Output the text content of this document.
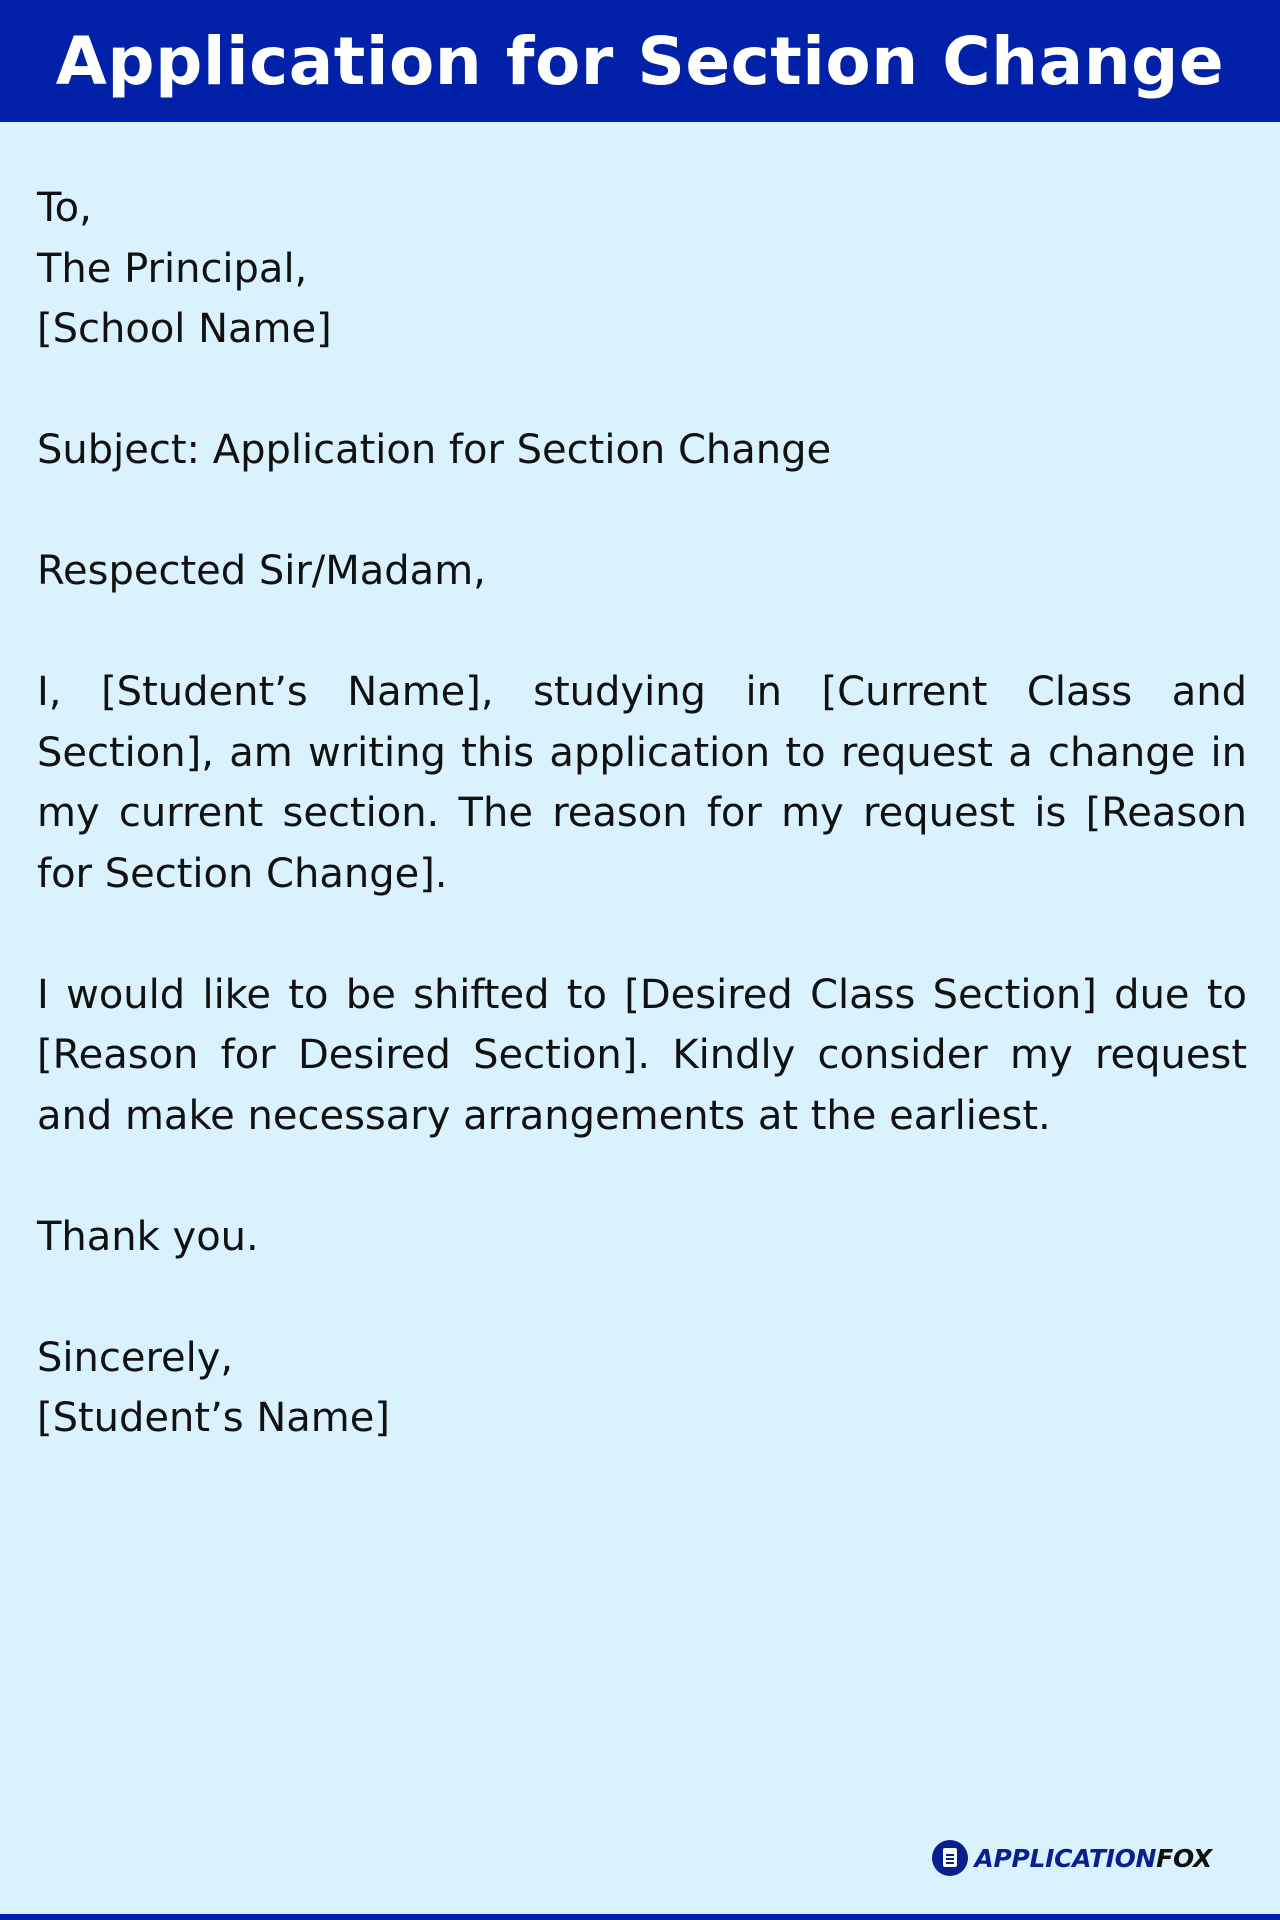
Application for Section Change
To,
The Principal,
[School Name]
Subject: Application for Section Change
Respected Sir/Madam,

I, [Student’s Name], studying in [Current Class and Section], am writing this application to request a change in my current section. The reason for my request is [Reason for Section Change].

I would like to be shifted to [Desired Class Section] due to [Reason for Desired Section]. Kindly consider my request and make necessary arrangements at the earliest.

Thank you.
Sincerely,
[Student’s Name]
APPLICATIONFOX
